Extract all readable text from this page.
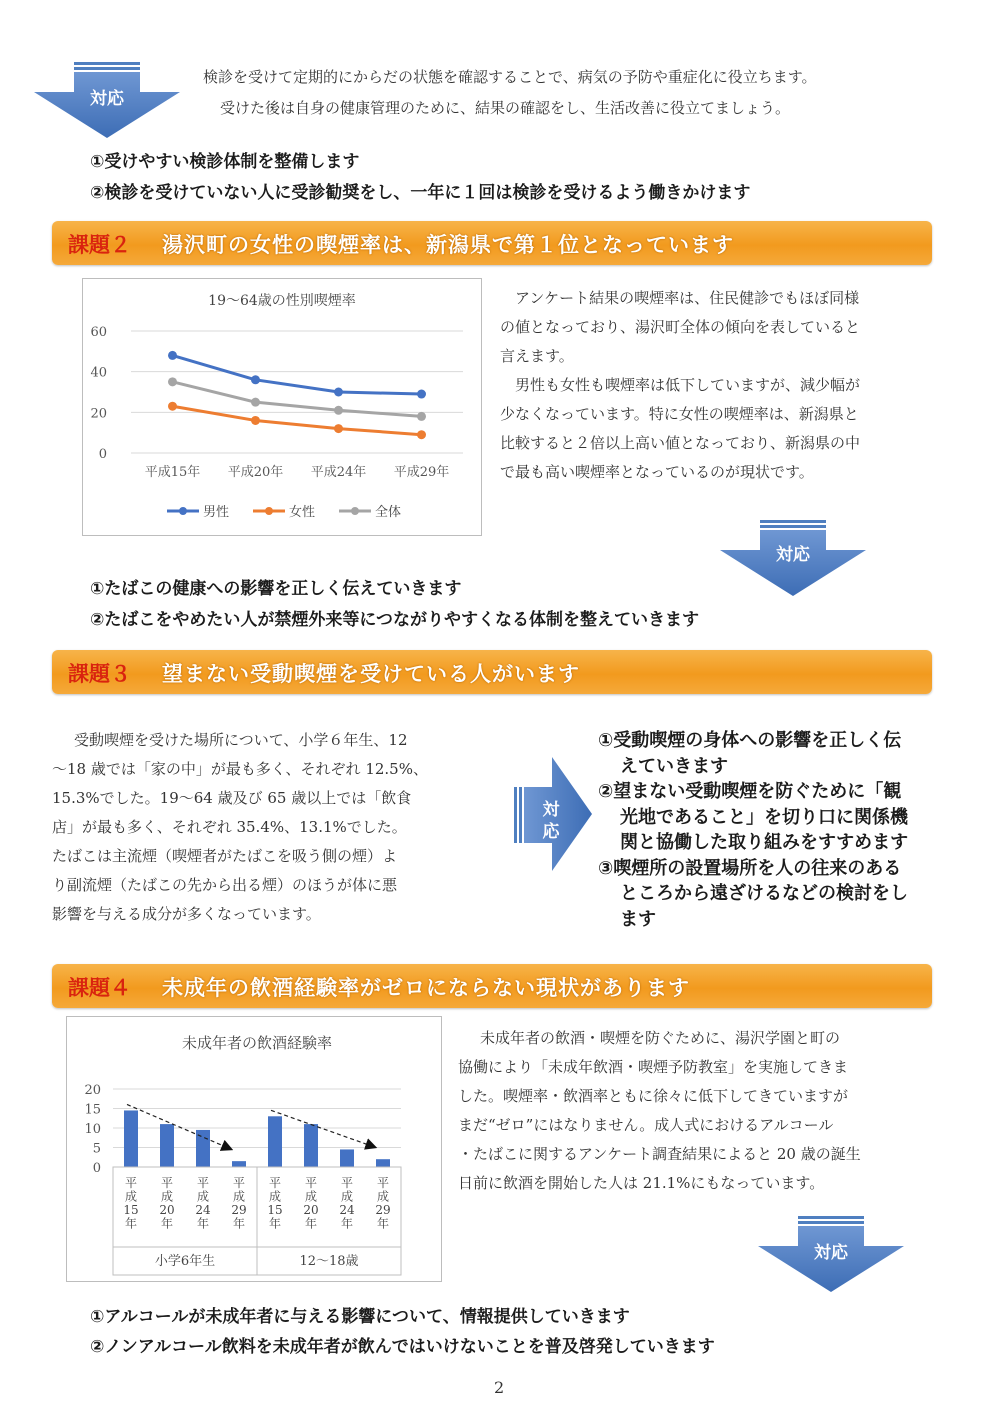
対応
検診を受けて定期的にからだの状態を確認することで、病気の予防や重症化に役立ちます。
受けた後は自身の健康管理のために、結果の確認をし、生活改善に役立てましょう。
①受けやすい検診体制を整備します
②検診を受けていない人に受診勧奨をし、一年に１回は検診を受けるよう働きかけます
課題２ 湯沢町の女性の喫煙率は、新潟県で第１位となっています
19～64歳の性別喫煙率
0
20
40
60
平成15年 平成20年 平成24年 平成29年
男性	女性	全体
アンケート結果の喫煙率は、住民健診でもほぼ同様
の値となっており、湯沢町全体の傾向を表していると
言えます。
男性も女性も喫煙率は低下していますが、減少幅が
少なくなっています。特に女性の喫煙率は、新潟県と
比較すると２倍以上高い値となっており、新潟県の中
で最も高い喫煙率となっているのが現状です。
対応
①たばこの健康への影響を正しく伝えていきます
②たばこをやめたい人が禁煙外来等につながりやすくなる体制を整えていきます
課題３ 望まない受動喫煙を受けている人がいます
受動喫煙を受けた場所について、小学６年生、12
～18 歳では「家の中」が最も多く、それぞれ 12.5%、
15.3%でした。19～64 歳及び 65 歳以上では「飲食
店」が最も多く、それぞれ 35.4%、13.1%でした。
たばこは主流煙（喫煙者がたばこを吸う側の煙）よ
り副流煙（たばこの先から出る煙）のほうが体に悪
影響を与える成分が多くなっています。
対
応
①受動喫煙の身体への影響を正しく伝
えていきます
②望まない受動喫煙を防ぐために「観
光地であること」を切り口に関係機
関と協働した取り組みをすすめます
③喫煙所の設置場所を人の往来のある
ところから遠ざけるなどの検討をし
ます
課題４ 未成年の飲酒経験率がゼロにならない現状があります
未成年者の飲酒経験率
0
5
10
15
20
平
成
15
年
平
成
20
年
平
成
24
年
平
成
29
年
小学6年生
平
成
15
年
平
成
20
年
平
成
24
年
平
成
29
年
12～18歳
未成年者の飲酒・喫煙を防ぐために、湯沢学園と町の
協働により「未成年飲酒・喫煙予防教室」を実施してきま
した。喫煙率・飲酒率ともに徐々に低下してきていますが
まだ“ゼロ”にはなりません。成人式におけるアルコール
・たばこに関するアンケート調査結果によると 20 歳の誕生
日前に飲酒を開始した人は 21.1%にもなっています。
対応
①アルコールが未成年者に与える影響について、情報提供していきます
②ノンアルコール飲料を未成年者が飲んではいけないことを普及啓発していきます
2
